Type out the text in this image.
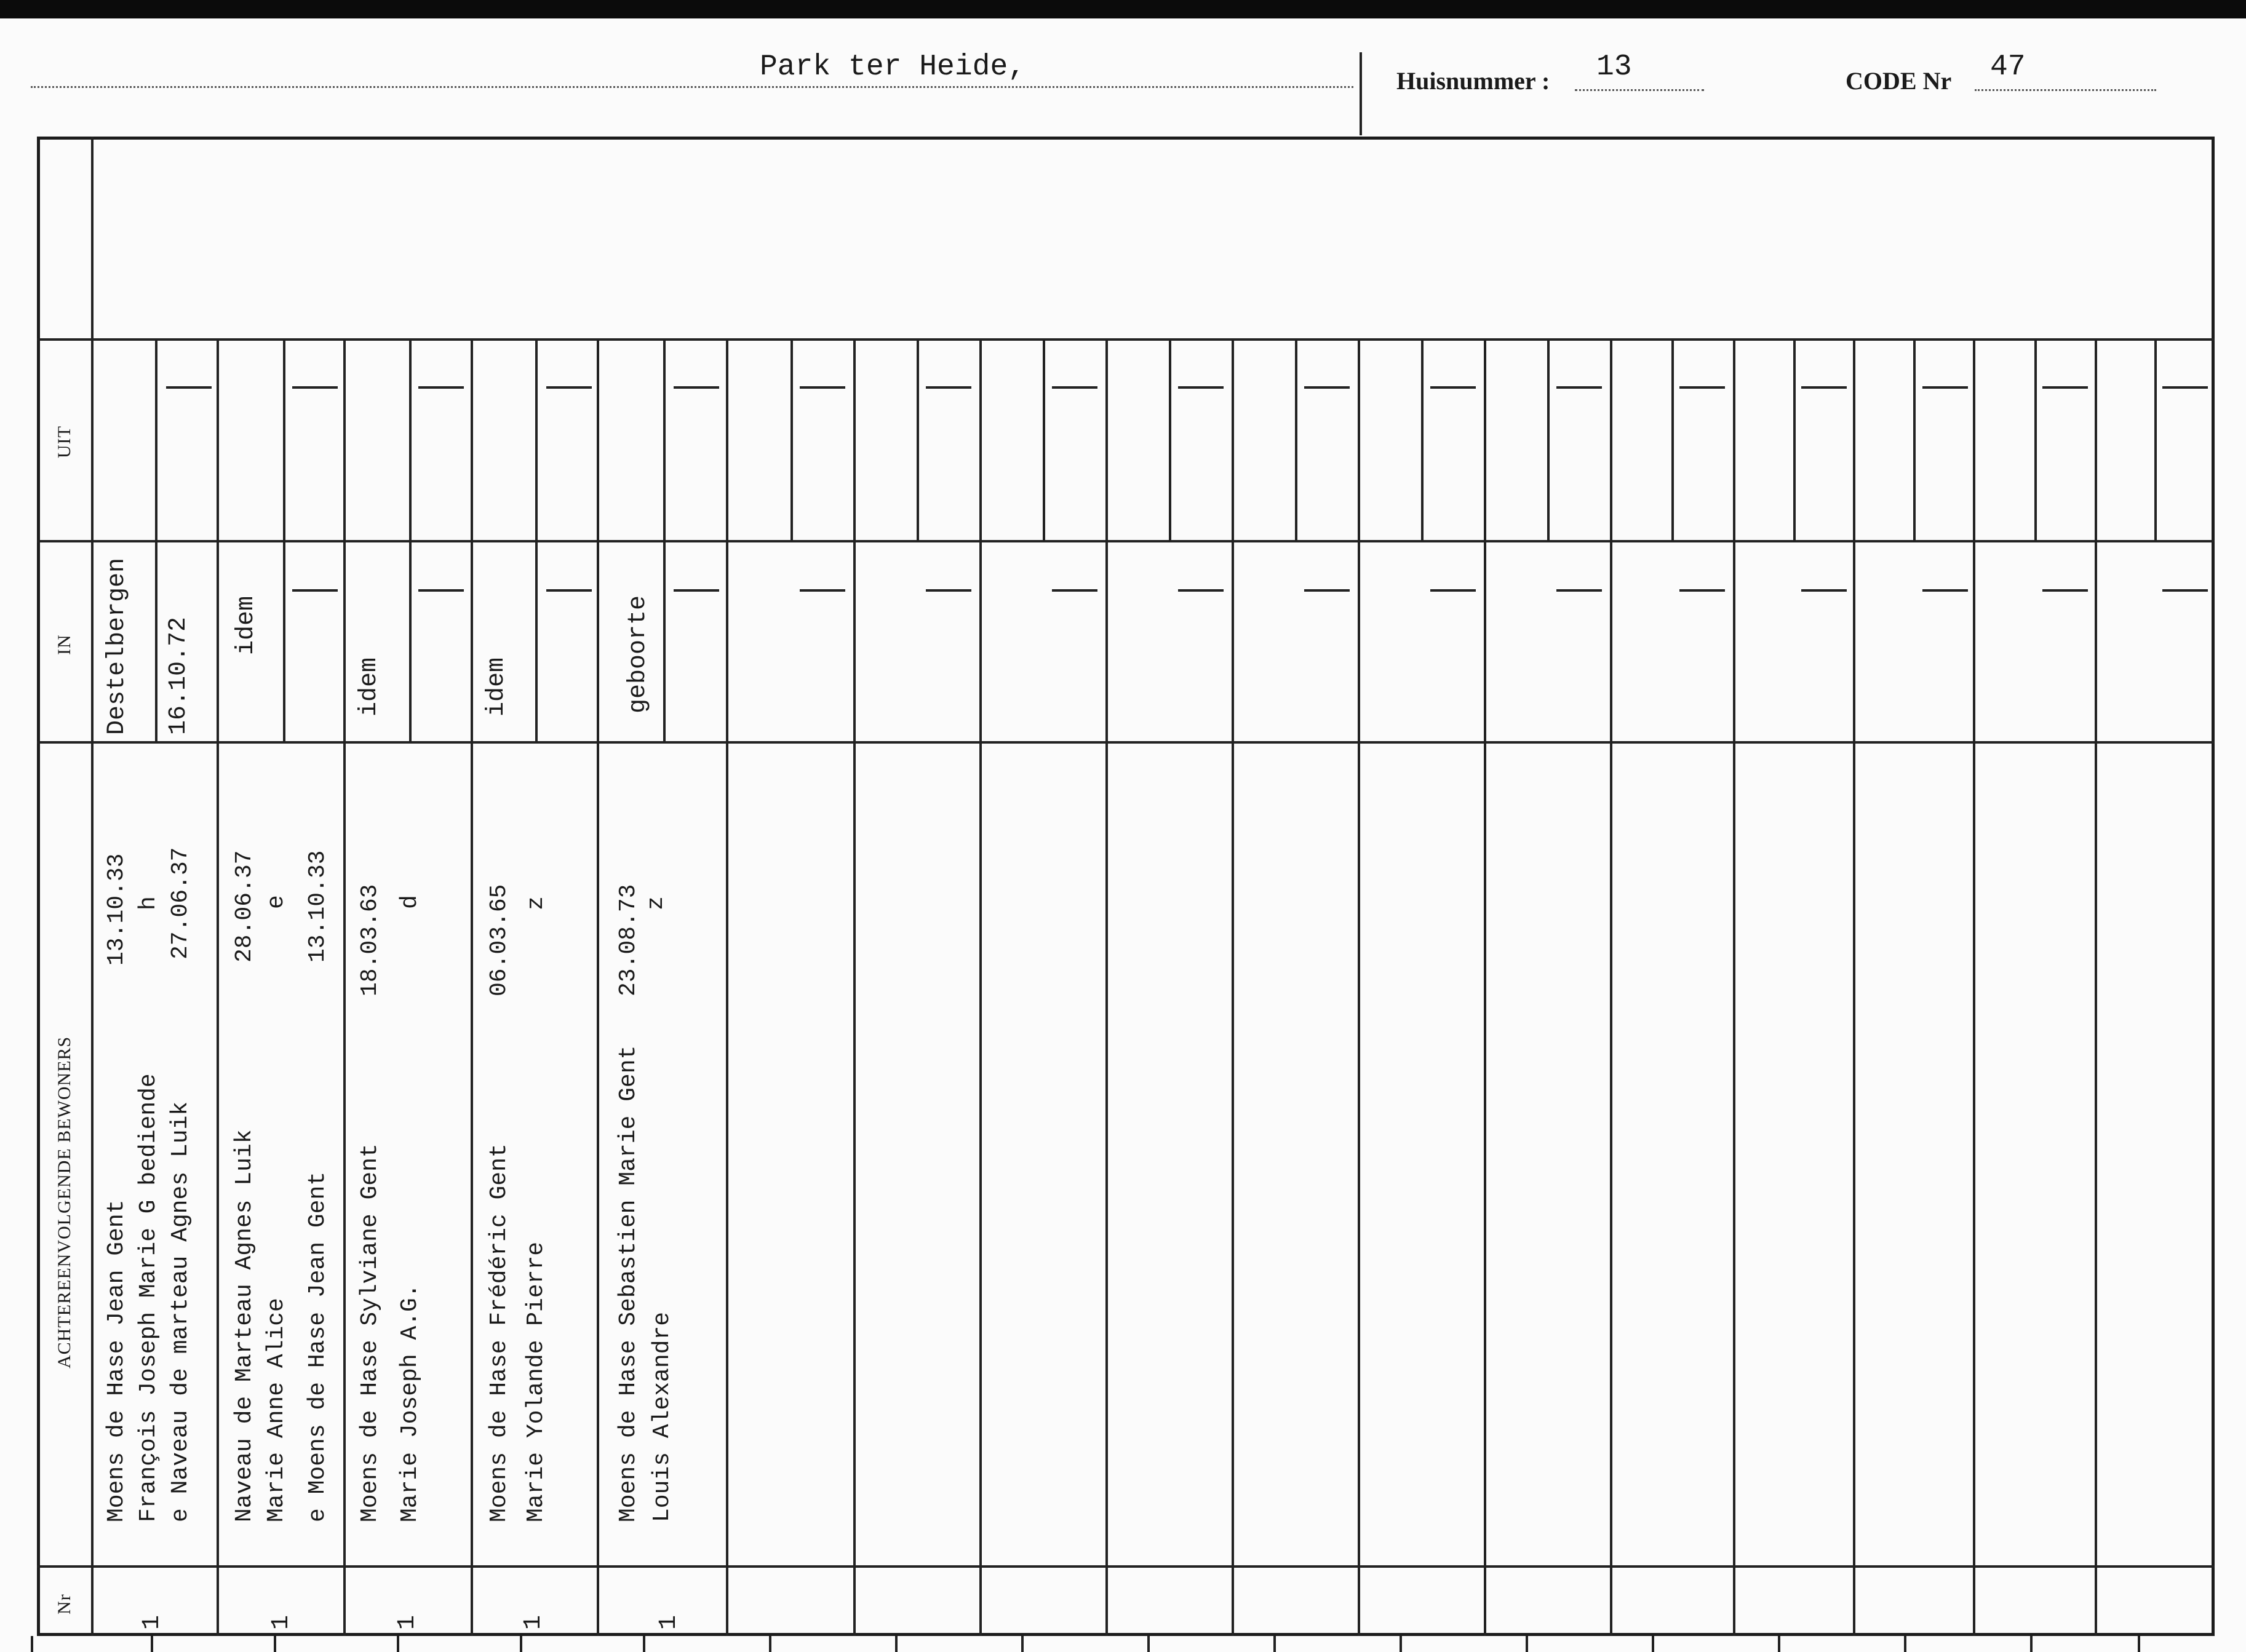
Park ter Heide,	Huisnummer : 13	CODE Nr 47
UIT
IN
ACHTEREENVOLGENDE BEWONERS
Nr
Destelbergen 16.10.72
Moens de Hase Jean Gent François Joseph Marie G bediende e Naveau de marteau Agnes Luik
13.10.33 h 27.06.37
1
idem
Naveau de Marteau Agnes Luik Marie Anne Alice e Moens de Hase Jean Gent
28.06.37 e 13.10.33
1
idem
Moens de Hase Sylviane Gent Marie Joseph A.G.
18.03.63 d
1
idem
Moens de Hase Frédéric Gent Marie Yolande Pierre
06.03.65 z
1
geboorte
Moens de Hase Sebastien Marie Gent Louis Alexandre
23.08.73 z
1
